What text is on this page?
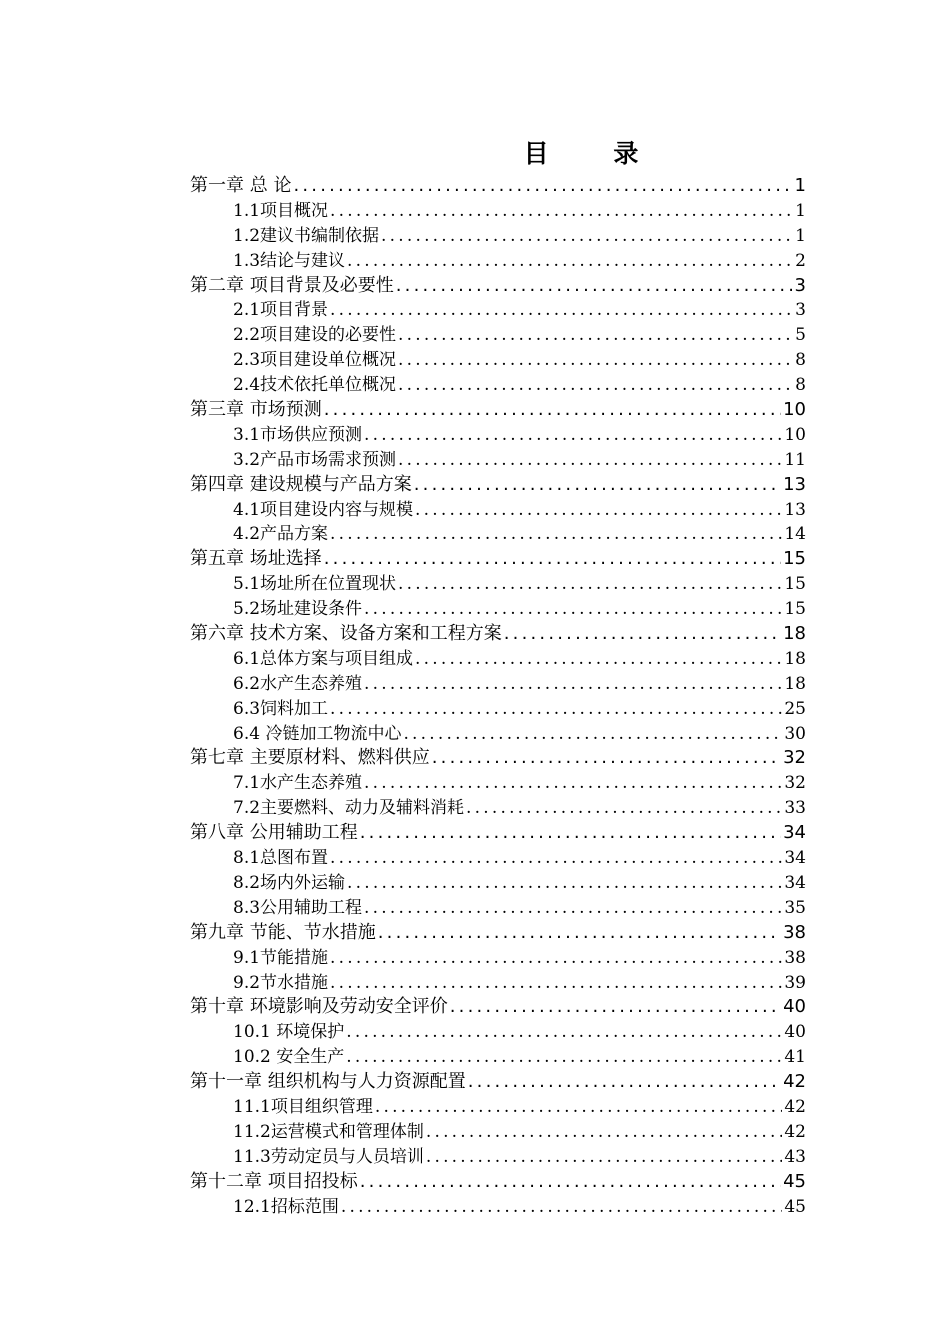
目 录
第一章 总 论 .....	1
1.1项目概况 .....	1
1.2建议书编制依据 .....	1
1.3结论与建议 .....	2
第二章 项目背景及必要性 .....	3
2.1项目背景 .....	3
2.2项目建设的必要性 .....	5
2.3项目建设单位概况 .....	8
2.4技术依托单位概况 .....	8
第三章 市场预测 .....	10
3.1市场供应预测 .....	10
3.2产品市场需求预测 .....	11
第四章 建设规模与产品方案 .....	13
4.1项目建设内容与规模 .....	13
4.2产品方案 .....	14
第五章 场址选择 .....	15
5.1场址所在位置现状 .....	15
5.2场址建设条件 .....	15
第六章 技术方案、设备方案和工程方案 .....	18
6.1总体方案与项目组成 .....	18
6.2水产生态养殖 .....	18
6.3饲料加工 .....	25
6.4 冷链加工物流中心 .....	30
第七章 主要原材料、燃料供应 .....	32
7.1水产生态养殖 .....	32
7.2主要燃料、动力及辅料消耗 .....	33
第八章 公用辅助工程 .....	34
8.1总图布置 .....	34
8.2场内外运输 .....	34
8.3公用辅助工程 .....	35
第九章 节能、节水措施 .....	38
9.1节能措施 .....	38
9.2节水措施 .....	39
第十章 环境影响及劳动安全评价 .....	40
10.1 环境保护 .....	40
10.2 安全生产 .....	41
第十一章 组织机构与人力资源配置 .....	42
11.1项目组织管理 .....	42
11.2运营模式和管理体制 .....	42
11.3劳动定员与人员培训 .....	43
第十二章 项目招投标 .....	45
12.1招标范围 .....	45
